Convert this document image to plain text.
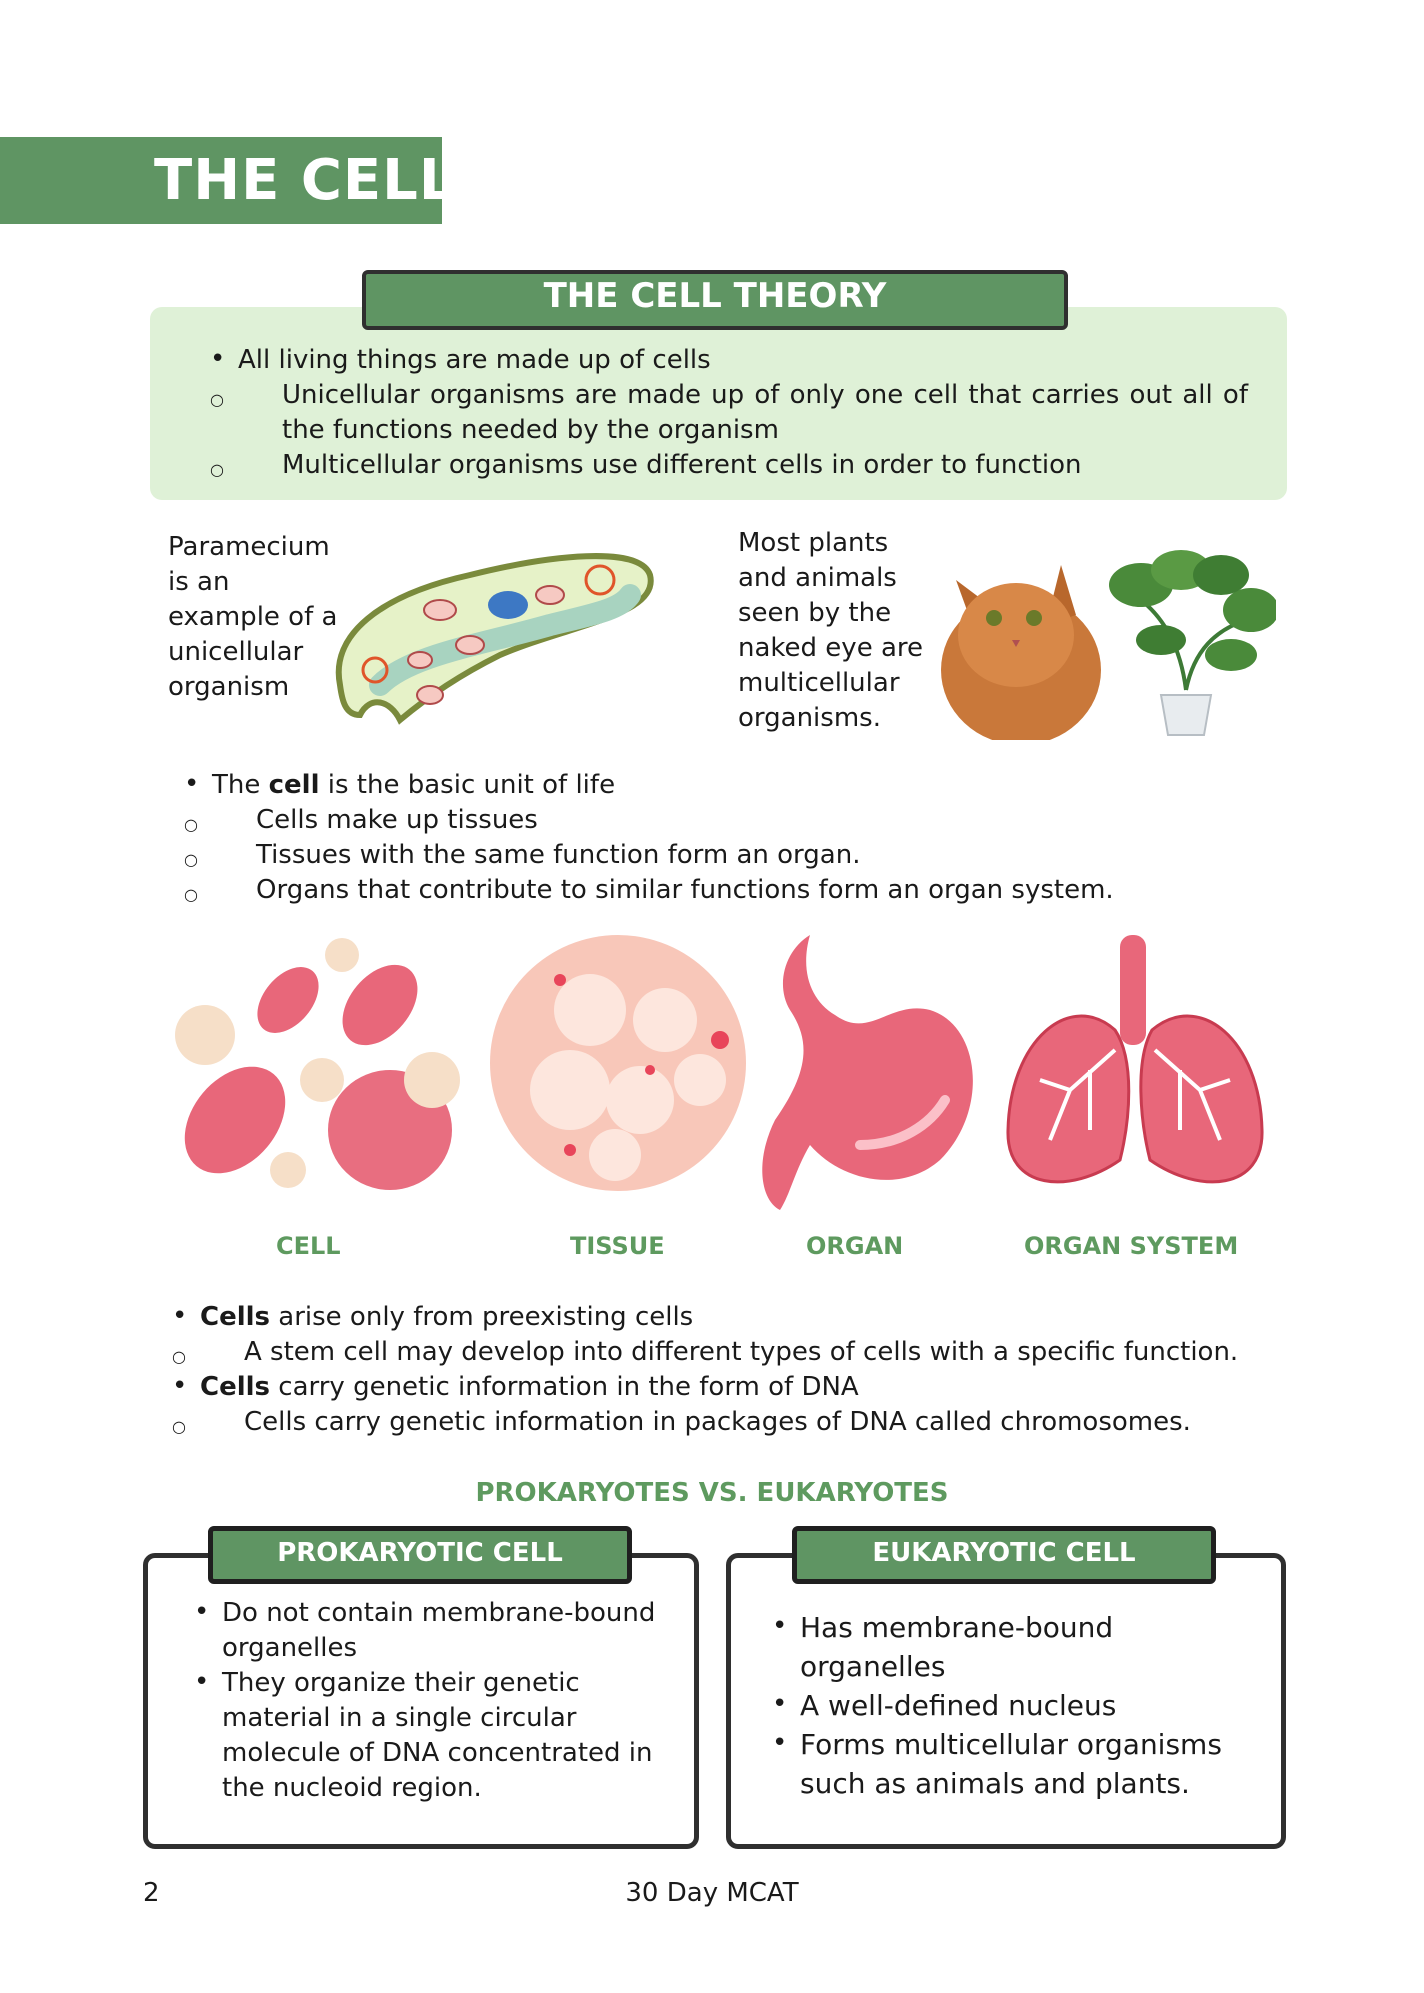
THE CELL
THE CELL THEORY
• All living things are made up of cells
○ Unicellular organisms are made up of only one cell that carries out all of the functions needed by the organism
○ Multicellular organisms use different cells in order to function
Paramecium is an example of a unicellular organism
Most plants and animals seen by the naked eye are multicellular organisms.
• The cell is the basic unit of life
○ Cells make up tissues
○ Tissues with the same function form an organ.
○ Organs that contribute to similar functions form an organ system.
CELL	TISSUE	ORGAN	ORGAN SYSTEM
• Cells arise only from preexisting cells
○ A stem cell may develop into different types of cells with a specific function.
• Cells carry genetic information in the form of DNA
○ Cells carry genetic information in packages of DNA called chromosomes.
PROKARYOTES VS. EUKARYOTES
PROKARYOTIC CELL
• Do not contain membrane-bound organelles
• They organize their genetic material in a single circular molecule of DNA concentrated in the nucleoid region.
EUKARYOTIC CELL
• Has membrane-bound organelles
• A well-defined nucleus
• Forms multicellular organisms such as animals and plants.
2	30 Day MCAT
